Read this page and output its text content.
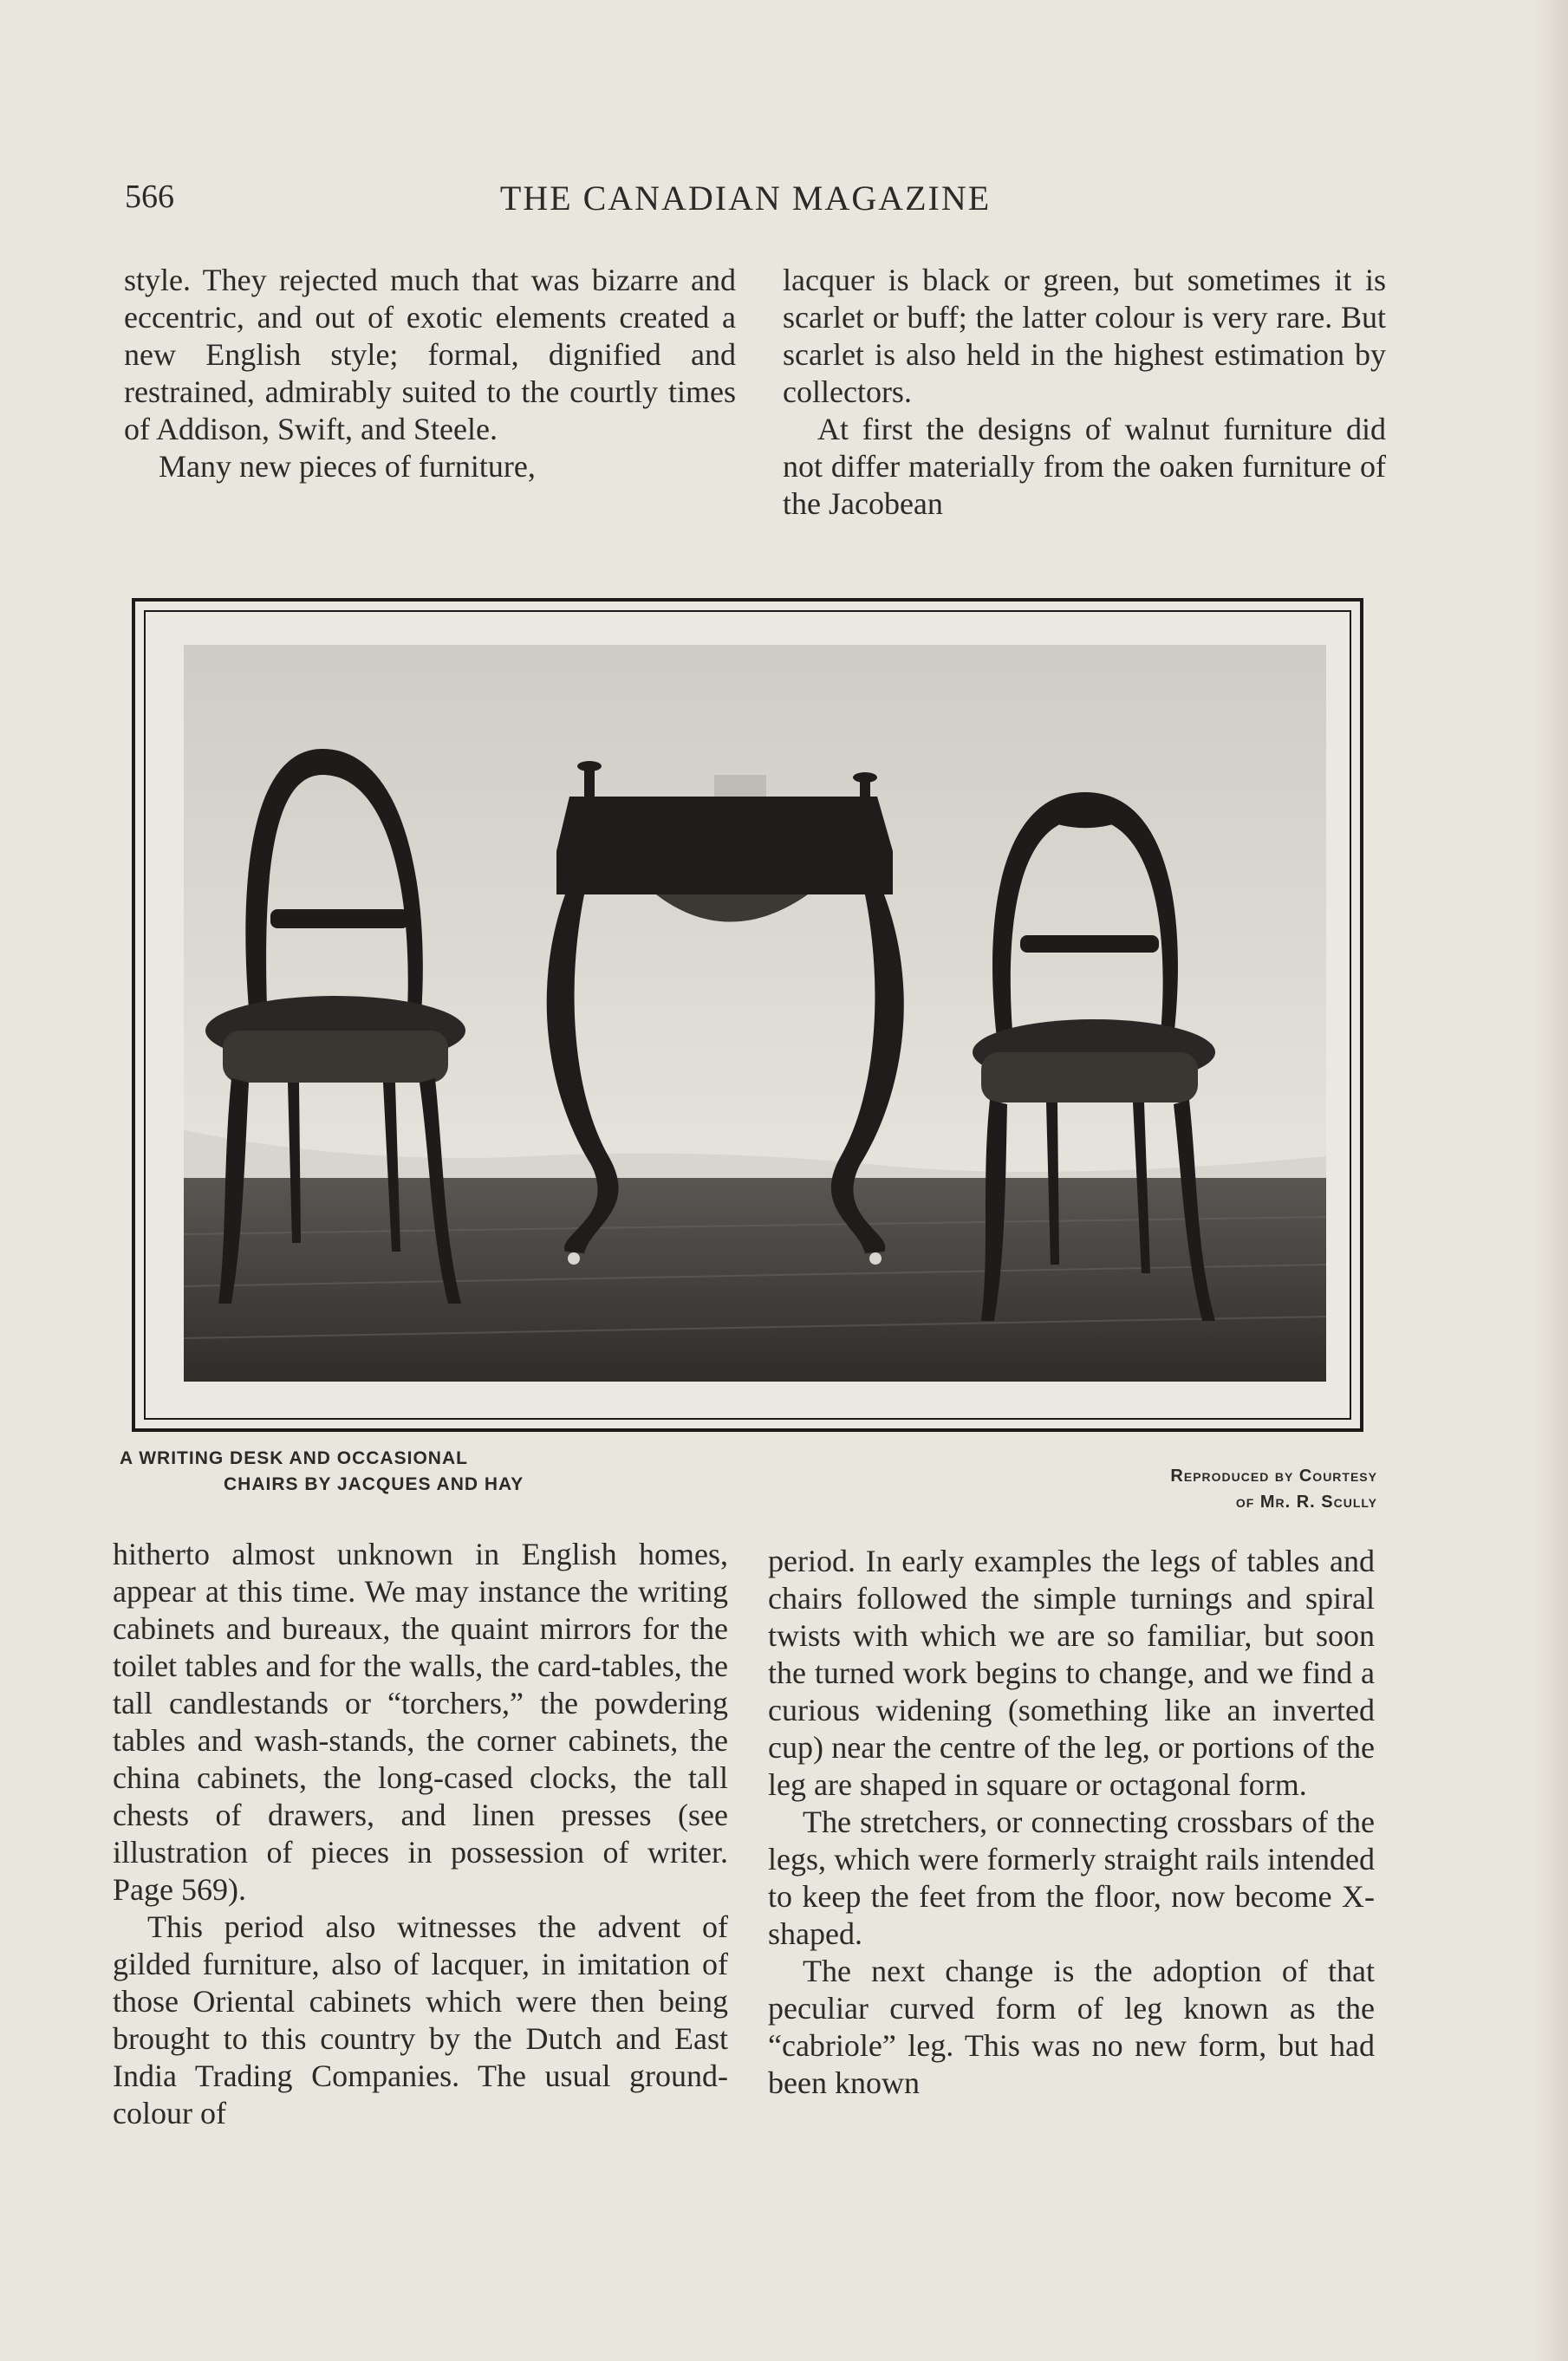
566	THE CANADIAN MAGAZINE

style. They rejected much that was bizarre and eccentric, and out of exotic elements created a new English style; formal, dignified and restrained, admirably suited to the courtly times of Addison, Swift, and Steele.

Many new pieces of furniture,

lacquer is black or green, but sometimes it is scarlet or buff; the latter colour is very rare. But scarlet is also held in the highest estimation by collectors.

At first the designs of walnut furniture did not differ materially from the oaken furniture of the Jacobean

A WRITING DESK AND OCCASIONAL
CHAIRS BY JACQUES AND HAY	Reproduced by Courtesy
of Mr. R. Scully

hitherto almost unknown in English homes, appear at this time. We may instance the writing cabinets and bureaux, the quaint mirrors for the toilet tables and for the walls, the card-tables, the tall candlestands or “torchers,” the powdering tables and wash-stands, the corner cabinets, the china cabinets, the long-cased clocks, the tall chests of drawers, and linen presses (see illustration of pieces in possession of writer. Page 569).

This period also witnesses the advent of gilded furniture, also of lacquer, in imitation of those Oriental cabinets which were then being brought to this country by the Dutch and East India Trading Companies. The usual ground-colour of

period. In early examples the legs of tables and chairs followed the simple turnings and spiral twists with which we are so familiar, but soon the turned work begins to change, and we find a curious widening (something like an inverted cup) near the centre of the leg, or portions of the leg are shaped in square or octagonal form.

The stretchers, or connecting crossbars of the legs, which were formerly straight rails intended to keep the feet from the floor, now become X-shaped.

The next change is the adoption of that peculiar curved form of leg known as the “cabriole” leg. This was no new form, but had been known
